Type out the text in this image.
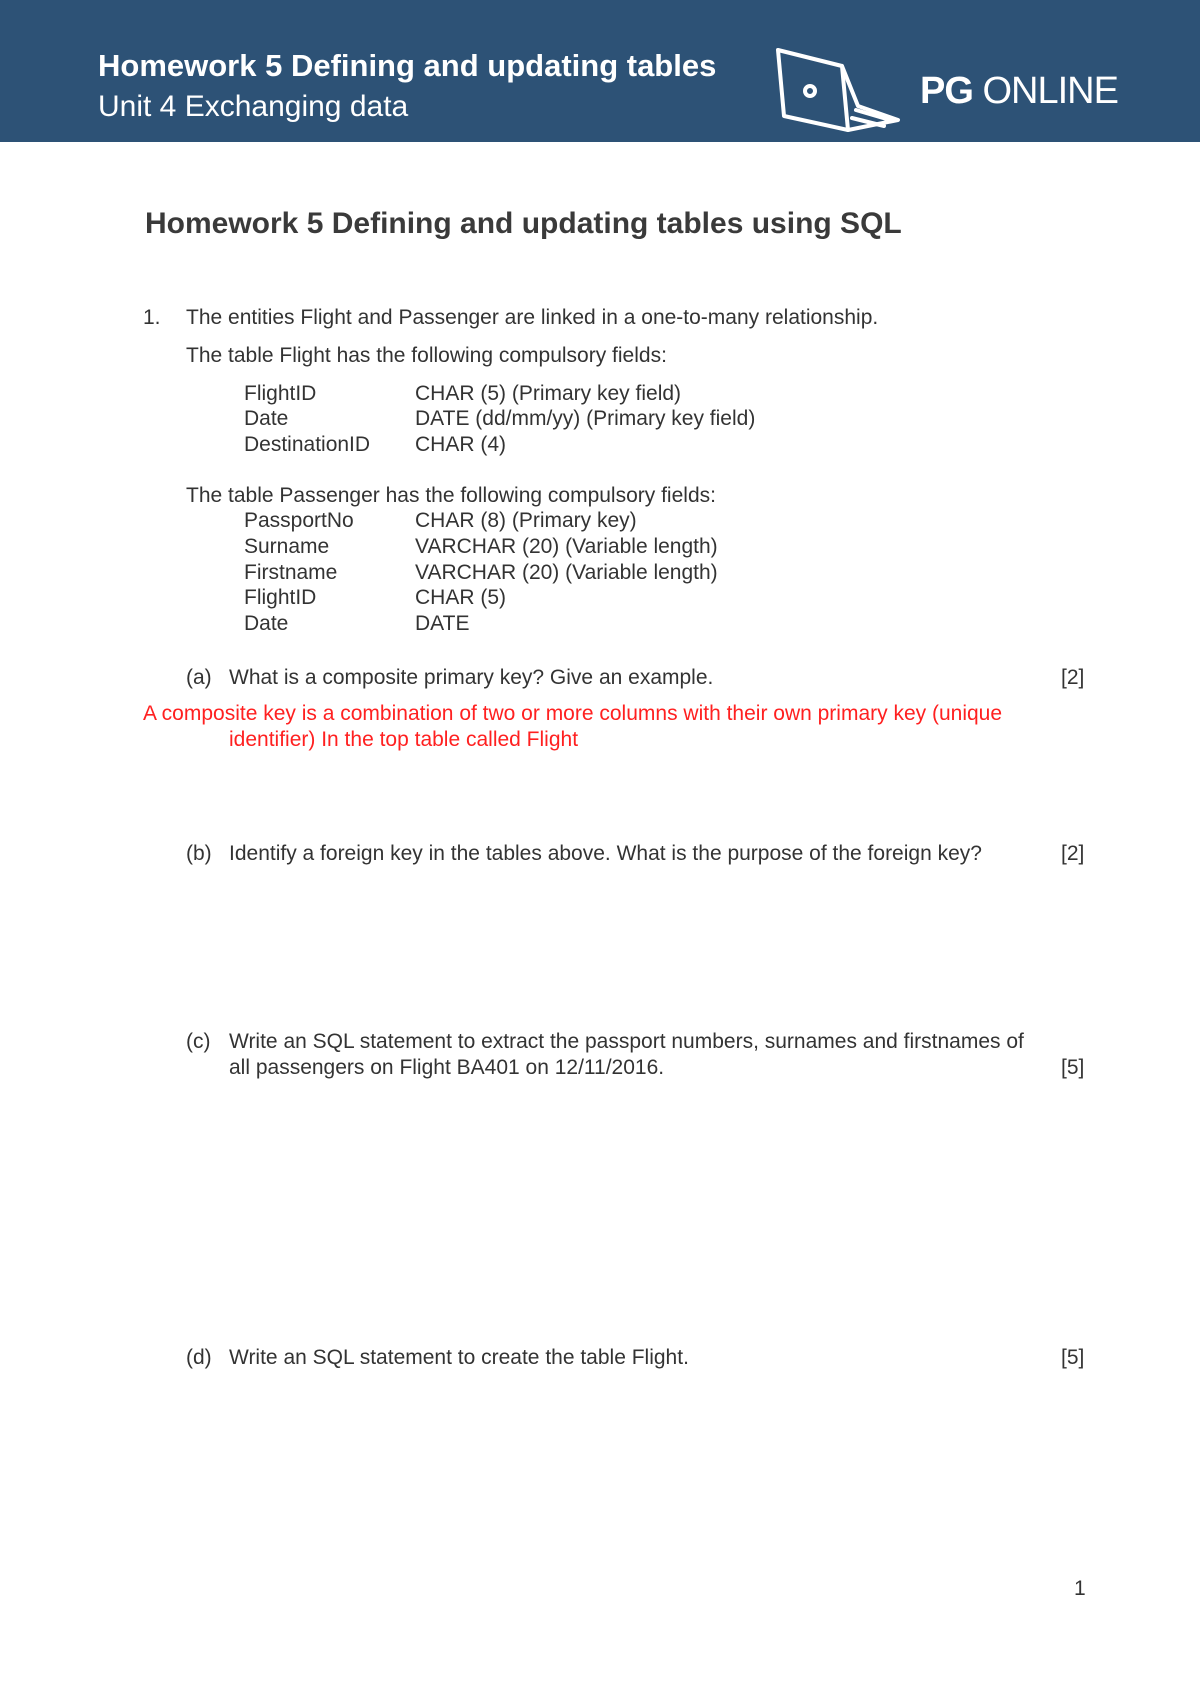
Homework 5 Defining and updating tables
Unit 4 Exchanging data	PG ONLINE
Homework 5 Defining and updating tables using SQL
1. The entities Flight and Passenger are linked in a one-to-many relationship.
The table Flight has the following compulsory fields:
FlightID	CHAR (5) (Primary key field)
Date	DATE (dd/mm/yy) (Primary key field)
DestinationID CHAR (4)
The table Passenger has the following compulsory fields:
PassportNo	CHAR (8) (Primary key)
Surname	VARCHAR (20) (Variable length)
Firstname	VARCHAR (20) (Variable length)
FlightID	CHAR (5)
Date	DATE
(a) What is a composite primary key? Give an example.	[2]
A composite key is a combination of two or more columns with their own primary key (unique
identifier) In the top table called Flight
(b) Identify a foreign key in the tables above. What is the purpose of the foreign key?	[2]
(c) Write an SQL statement to extract the passport numbers, surnames and firstnames of
all passengers on Flight BA401 on 12/11/2016.	[5]
(d) Write an SQL statement to create the table Flight.	[5]
1
